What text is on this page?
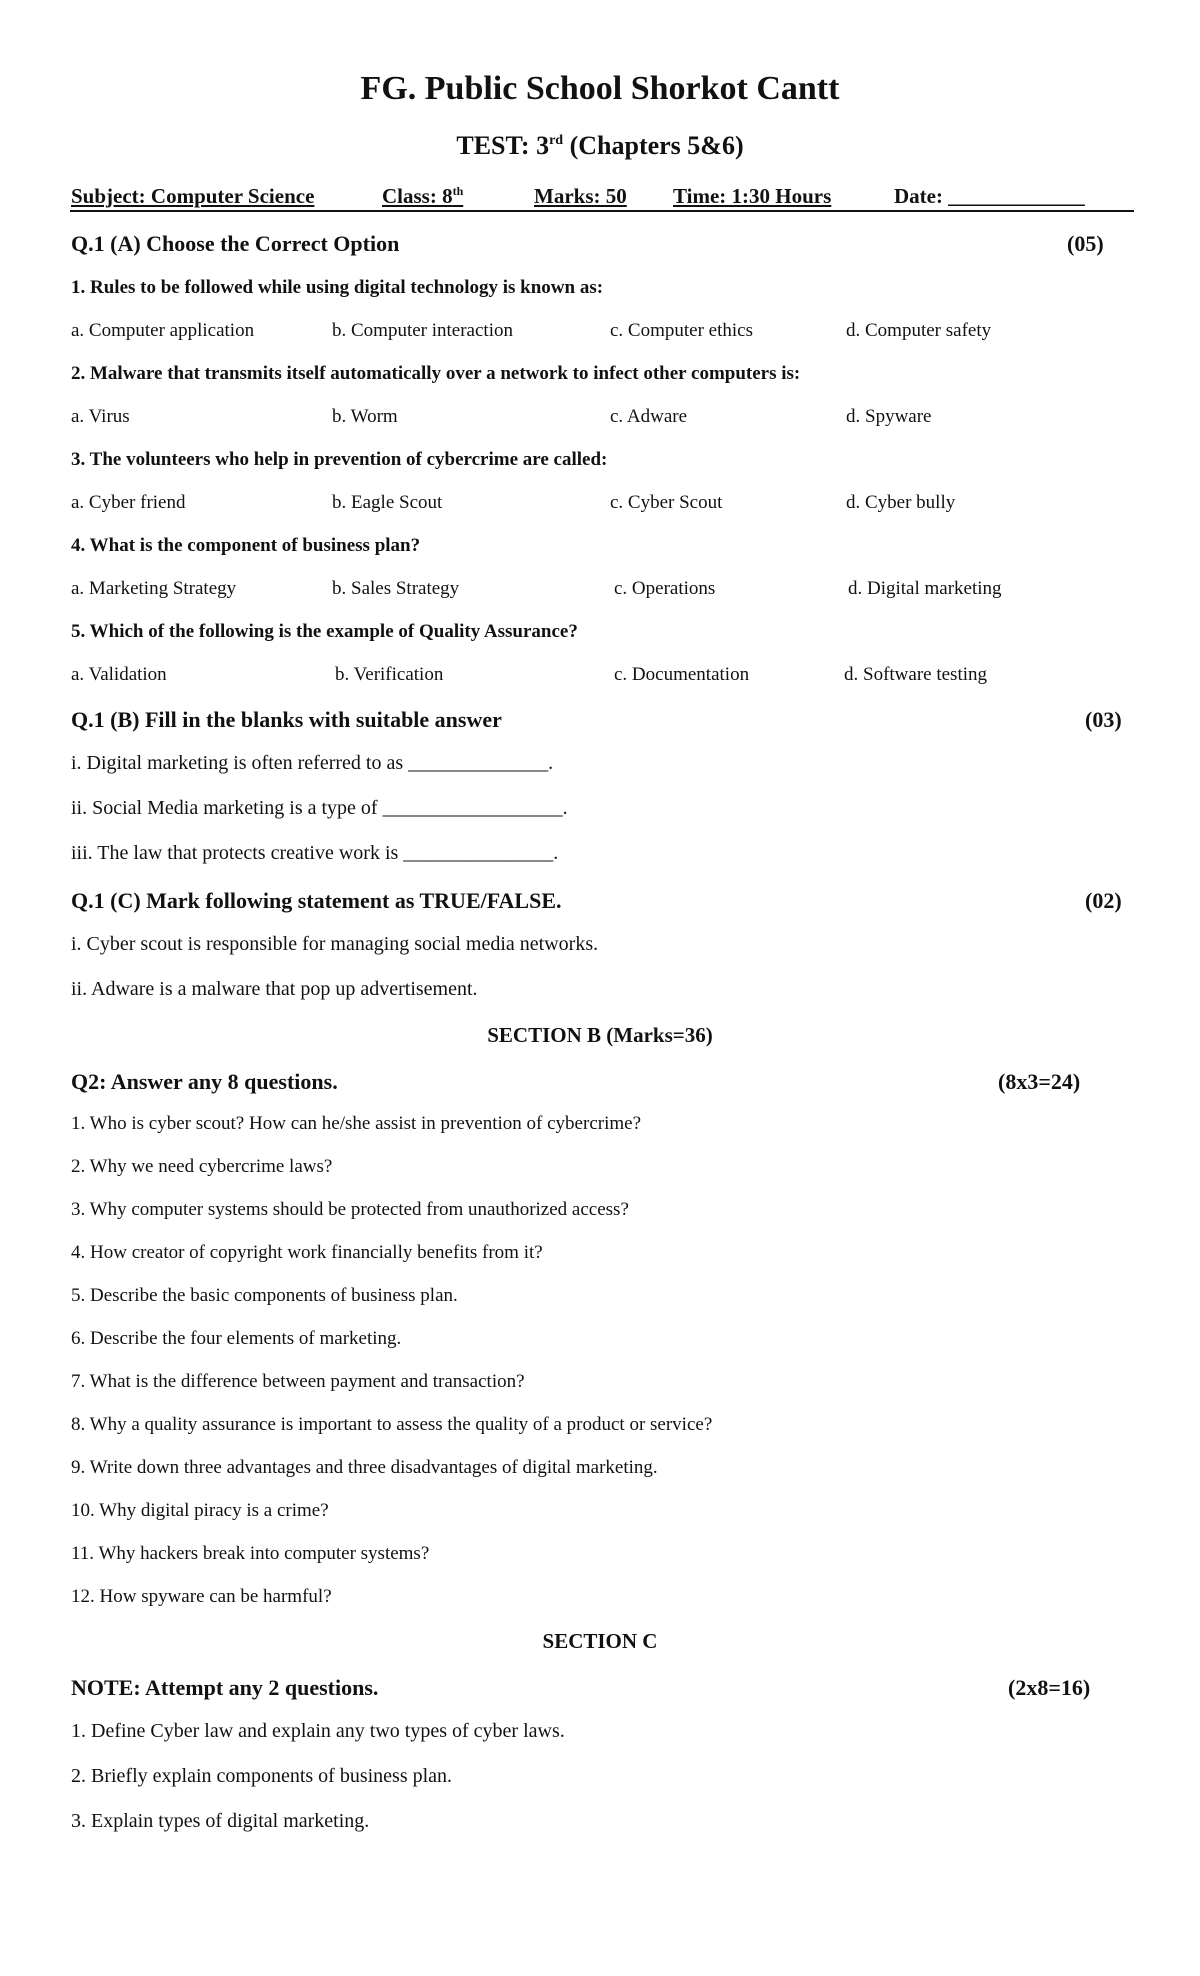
FG. Public School Shorkot Cantt
TEST: 3rd (Chapters 5&6)
Subject: Computer Science	Class: 8th	Marks: 50 Time: 1:30 Hours	Date: _____________
Q.1 (A) Choose the Correct Option	(05)
1. Rules to be followed while using digital technology is known as:
a. Computer application	b. Computer interaction	c. Computer ethics	d. Computer safety
2. Malware that transmits itself automatically over a network to infect other computers is:
a. Virus	b. Worm	c. Adware	d. Spyware
3. The volunteers who help in prevention of cybercrime are called:
a. Cyber friend	b. Eagle Scout	c. Cyber Scout	d. Cyber bully
4. What is the component of business plan?
a. Marketing Strategy	b. Sales Strategy	c. Operations	d. Digital marketing
5. Which of the following is the example of Quality Assurance?
a. Validation	b. Verification	c. Documentation	d. Software testing
Q.1 (B) Fill in the blanks with suitable answer	(03)
i. Digital marketing is often referred to as ______________.
ii. Social Media marketing is a type of __________________.
iii. The law that protects creative work is _______________.
Q.1 (C) Mark following statement as TRUE/FALSE.	(02)
i. Cyber scout is responsible for managing social media networks.
ii. Adware is a malware that pop up advertisement.
SECTION B (Marks=36)
Q2: Answer any 8 questions.	(8x3=24)
1. Who is cyber scout? How can he/she assist in prevention of cybercrime?
2. Why we need cybercrime laws?
3. Why computer systems should be protected from unauthorized access?
4. How creator of copyright work financially benefits from it?
5. Describe the basic components of business plan.
6. Describe the four elements of marketing.
7. What is the difference between payment and transaction?
8. Why a quality assurance is important to assess the quality of a product or service?
9. Write down three advantages and three disadvantages of digital marketing.
10. Why digital piracy is a crime?
11. Why hackers break into computer systems?
12. How spyware can be harmful?
SECTION C
NOTE: Attempt any 2 questions.	(2x8=16)
1. Define Cyber law and explain any two types of cyber laws.
2. Briefly explain components of business plan.
3. Explain types of digital marketing.
